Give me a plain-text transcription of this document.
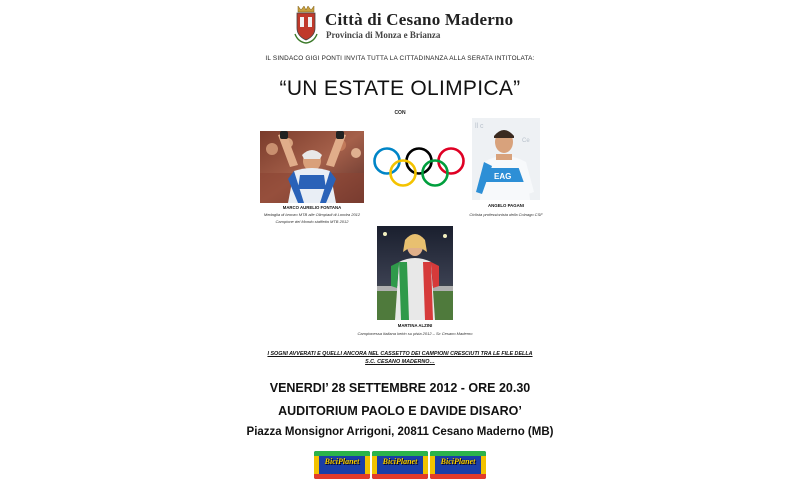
Città di Cesano Maderno
Provincia di Monza e Brianza
IL SINDACO GIGI PONTI INVITA TUTTA LA CITTADINANZA ALLA SERATA INTITOLATA:
“UN ESTATE OLIMPICA”
CON
MARCO AURELIO FONTANA
Medaglia di bronzo MTB alle Olimpiadi di Londra 2012
Campione del Mondo staffetta MTB 2012
ll c
Ce
EAG
ANGELO PAGANI
Ciclista professionista della Colnago CSF
MARTINA ALZINI
Campionessa Italiana keirin su pista 2012 – Sc Cesano Maderno
I SOGNI AVVERATI E QUELLI ANCORA NEL CASSETTO DEI CAMPIONI CRESCIUTI TRA LE FILE DELLA
S.C. CESANO MADERNO…
VENERDI’ 28 SETTEMBRE 2012 - ORE 20.30
AUDITORIUM PAOLO E DAVIDE DISARO’
Piazza Monsignor Arrigoni, 20811 Cesano Maderno (MB)
BiciPlanet	BiciPlanet	BiciPlanet
